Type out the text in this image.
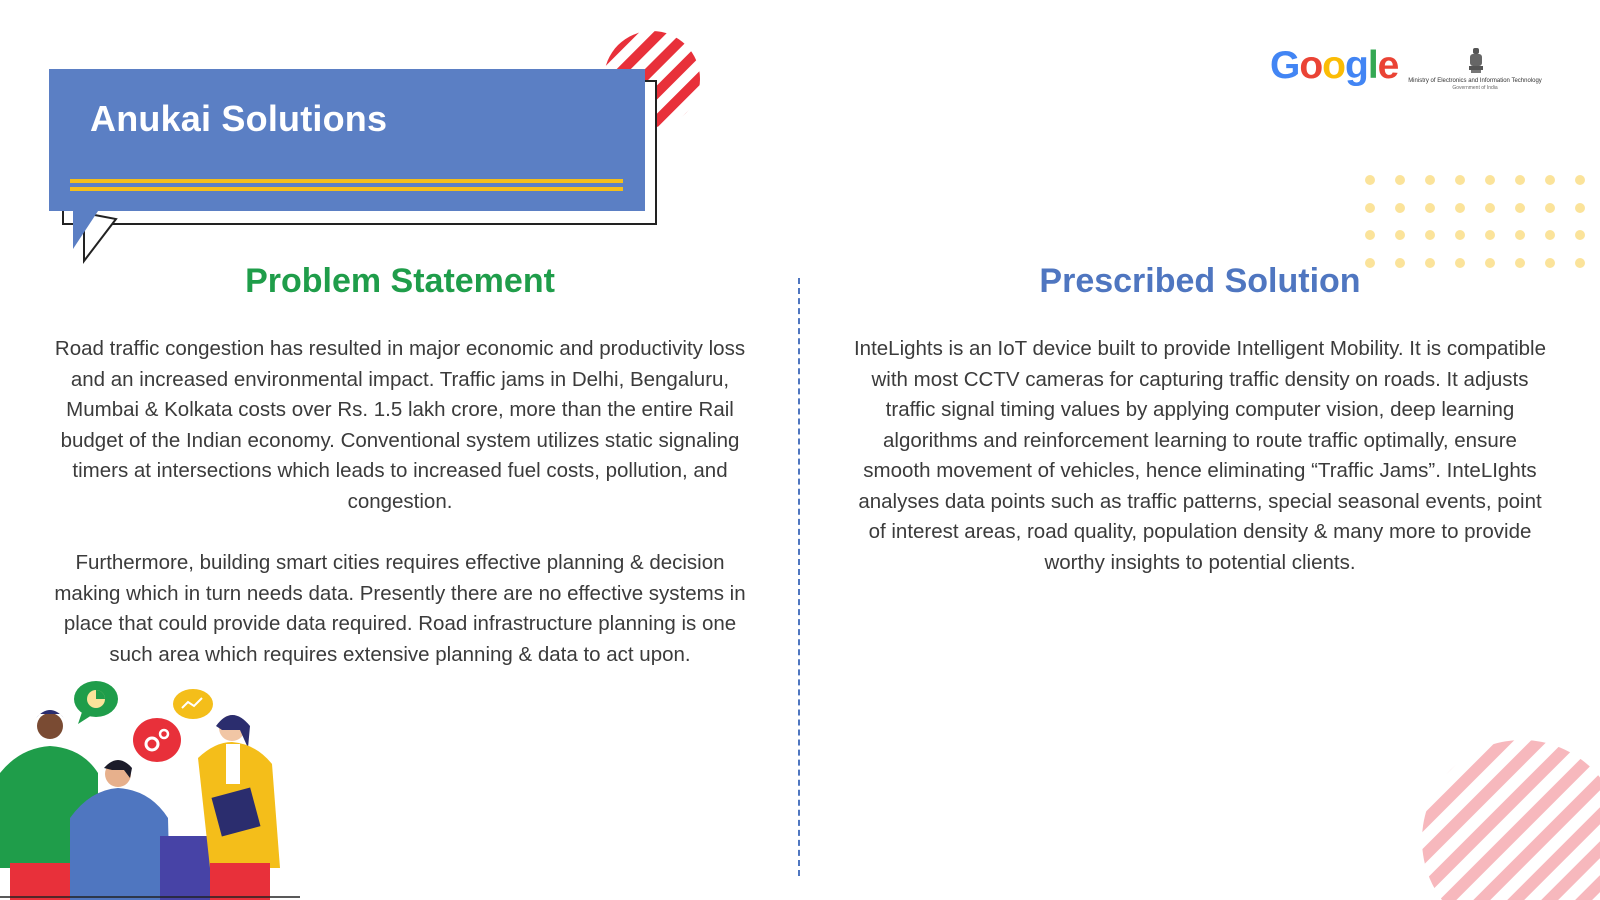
Anukai Solutions
Google	Ministry of Electronics and Information Technology
Government of India
Problem Statement	Prescribed Solution
Road traffic congestion has resulted in major economic and productivity loss and an increased environmental impact. Traffic jams in Delhi, Bengaluru, Mumbai & Kolkata costs over Rs. 1.5 lakh crore, more than the entire Rail budget of the Indian economy. Conventional system utilizes static signaling timers at intersections which leads to increased fuel costs, pollution, and congestion.
Furthermore, building smart cities requires effective planning & decision making which in turn needs data. Presently there are no effective systems in place that could provide data required. Road infrastructure planning is one such area which requires extensive planning & data to act upon.
InteLights is an IoT device built to provide Intelligent Mobility. It is compatible with most CCTV cameras for capturing traffic density on roads. It adjusts traffic signal timing values by applying computer vision, deep learning algorithms and reinforcement learning to route traffic optimally, ensure smooth movement of vehicles, hence eliminating “Traffic Jams”. InteLIghts analyses data points such as traffic patterns, special seasonal events, point of interest areas, road quality, population density & many more to provide worthy insights to potential clients.
